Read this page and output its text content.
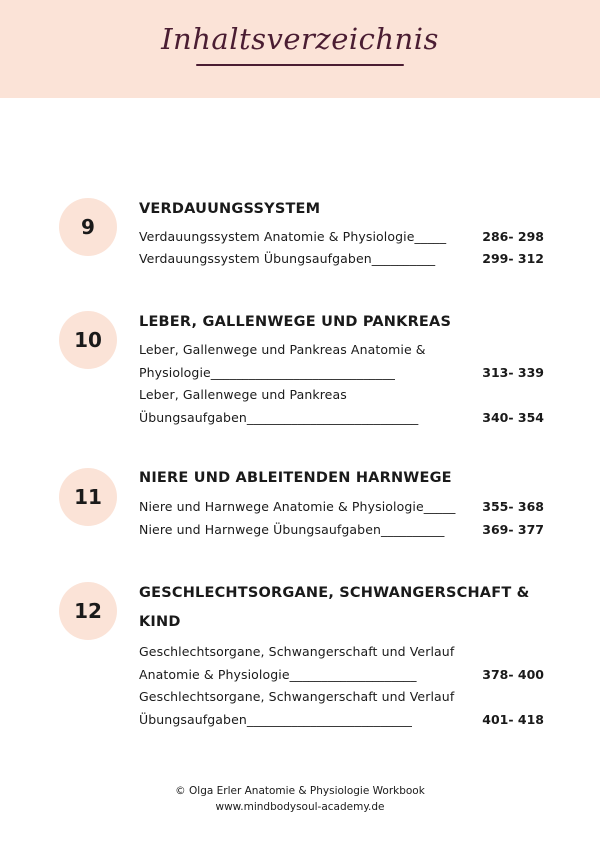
Inhaltsverzeichnis
9
VERDAUUNGSSYSTEM
Verdauungssystem Anatomie & Physiologie_____	286- 298
Verdauungssystem Übungsaufgaben__________	299- 312
10
LEBER, GALLENWEGE UND PANKREAS
Leber, Gallenwege und Pankreas Anatomie &
Physiologie_____________________________	313- 339
Leber, Gallenwege und Pankreas
Übungsaufgaben___________________________	340- 354
11
NIERE UND ABLEITENDEN HARNWEGE
Niere und Harnwege Anatomie & Physiologie_____ 355- 368
Niere und Harnwege Übungsaufgaben__________	369- 377
12
GESCHLECHTSORGANE, SCHWANGERSCHAFT &
KIND
Geschlechtsorgane, Schwangerschaft und Verlauf
Anatomie & Physiologie____________________	378- 400
Geschlechtsorgane, Schwangerschaft und Verlauf
Übungsaufgaben__________________________	401- 418
© Olga Erler Anatomie & Physiologie Workbook
www.mindbodysoul-academy.de
